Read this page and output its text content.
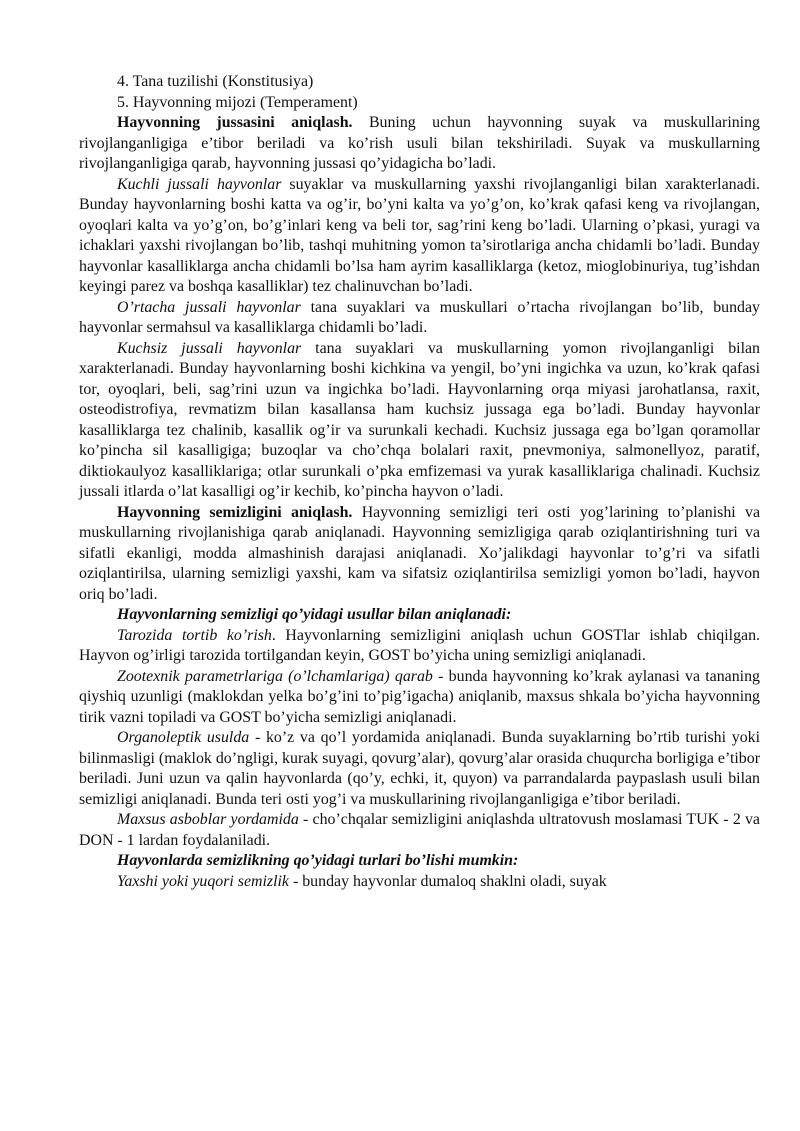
4. Tana tuzilishi (Konstitusiya)

5. Hayvonning mijozi (Temperament)

Hayvonning jussasini aniqlash. Buning uchun hayvonning suyak va muskullarining rivojlanganligiga e’tibor beriladi va ko’rish usuli bilan tekshiriladi. Suyak va muskullarning rivojlanganligiga qarab, hayvonning jussasi qo’yidagicha bo’ladi.

Kuchli jussali hayvonlar suyaklar va muskullarning yaxshi rivojlanganligi bilan xarakterlanadi. Bunday hayvonlarning boshi katta va og’ir, bo’yni kalta va yo’g’on, ko’krak qafasi keng va rivojlangan, oyoqlari kalta va yo’g’on, bo’g’inlari keng va beli tor, sag’rini keng bo’ladi. Ularning o’pkasi, yuragi va ichaklari yaxshi rivojlangan bo’lib, tashqi muhitning yomon ta’sirotlariga ancha chidamli bo’ladi. Bunday hayvonlar kasalliklarga ancha chidamli bo’lsa ham ayrim kasalliklarga (ketoz, mioglobinuriya, tug’ishdan keyingi parez va boshqa kasalliklar) tez chalinuvchan bo’ladi.

O’rtacha jussali hayvonlar tana suyaklari va muskullari o’rtacha rivojlangan bo’lib, bunday hayvonlar sermahsul va kasalliklarga chidamli bo’ladi.

Kuchsiz jussali hayvonlar tana suyaklari va muskullarning yomon rivojlanganligi bilan xarakterlanadi. Bunday hayvonlarning boshi kichkina va yengil, bo’yni ingichka va uzun, ko’krak qafasi tor, oyoqlari, beli, sag’rini uzun va ingichka bo’ladi. Hayvonlarning orqa miyasi jarohatlansa, raxit, osteodistrofiya, revmatizm bilan kasallansa ham kuchsiz jussaga ega bo’ladi. Bunday hayvonlar kasalliklarga tez chalinib, kasallik og’ir va surunkali kechadi. Kuchsiz jussaga ega bo’lgan qoramollar ko’pincha sil kasalligiga; buzoqlar va cho’chqa bolalari raxit, pnevmoniya, salmonellyoz, paratif, diktiokaulyoz kasalliklariga; otlar surunkali o’pka emfizemasi va yurak kasalliklariga chalinadi. Kuchsiz jussali itlarda o’lat kasalligi og’ir kechib, ko’pincha hayvon o’ladi.

Hayvonning semizligini aniqlash. Hayvonning semizligi teri osti yog’larining to’planishi va muskullarning rivojlanishiga qarab aniqlanadi. Hayvonning semizligiga qarab oziqlantirishning turi va sifatli ekanligi, modda almashinish darajasi aniqlanadi. Xo’jalikdagi hayvonlar to’g’ri va sifatli oziqlantirilsa, ularning semizligi yaxshi, kam va sifatsiz oziqlantirilsa semizligi yomon bo’ladi, hayvon oriq bo’ladi.

Hayvonlarning semizligi qo’yidagi usullar bilan aniqlanadi:

Tarozida tortib ko’rish. Hayvonlarning semizligini aniqlash uchun GOSTlar ishlab chiqilgan. Hayvon og’irligi tarozida tortilgandan keyin, GOST bo’yicha uning semizligi aniqlanadi.

Zootexnik parametrlariga (o’lchamlariga) qarab - bunda hayvonning ko’krak aylanasi va tananing qiyshiq uzunligi (maklokdan yelka bo’g’ini to’pig’igacha) aniqlanib, maxsus shkala bo’yicha hayvonning tirik vazni topiladi va GOST bo’yicha semizligi aniqlanadi.

Organoleptik usulda - ko’z va qo’l yordamida aniqlanadi. Bunda suyaklarning bo’rtib turishi yoki bilinmasligi (maklok do’ngligi, kurak suyagi, qovurg’alar), qovurg’alar orasida chuqurcha borligiga e’tibor beriladi. Juni uzun va qalin hayvonlarda (qo’y, echki, it, quyon) va parrandalarda paypaslash usuli bilan semizligi aniqlanadi. Bunda teri osti yog’i va muskullarining rivojlanganligiga e’tibor beriladi.

Maxsus asboblar yordamida - cho’chqalar semizligini aniqlashda ultratovush moslamasi TUK - 2 va DON - 1 lardan foydalaniladi.

Hayvonlarda semizlikning qo’yidagi turlari bo’lishi mumkin:

Yaxshi yoki yuqori semizlik - bunday hayvonlar dumaloq shaklni oladi, suyak
